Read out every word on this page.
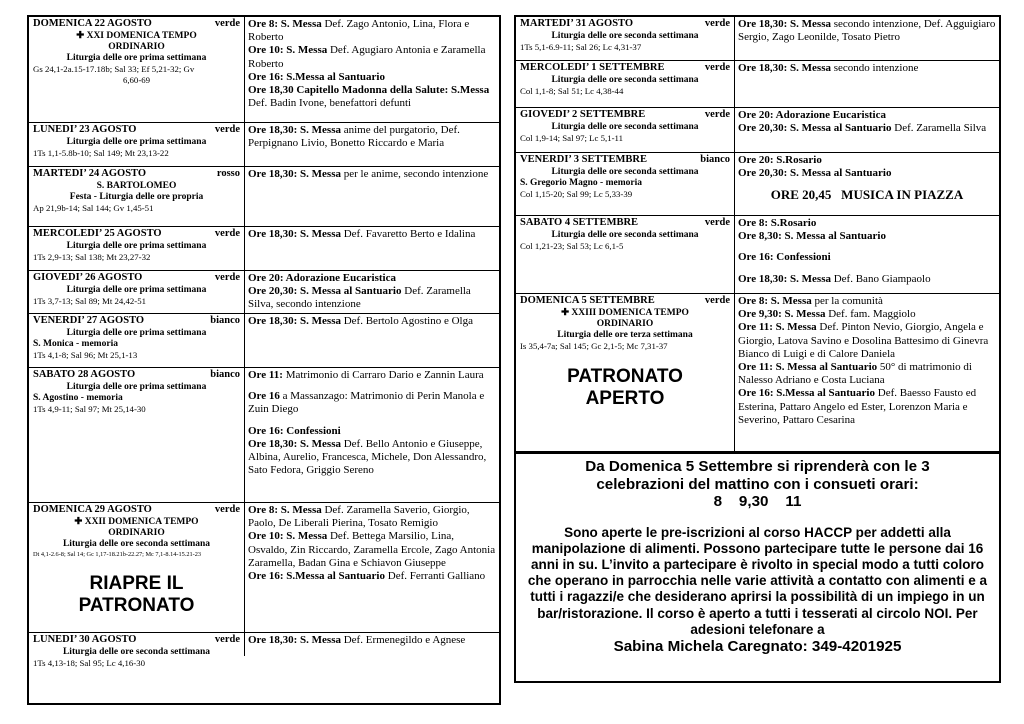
DOMENICA 22 AGOSTO	verde
✚ XXI DOMENICA TEMPO
ORDINARIO
Liturgia delle ore prima settimana
Gs 24,1-2a.15-17.18b; Sal 33; Ef 5,21-32; Gv
6,60-69
Ore 8: S. Messa Def. Zago Antonio, Lina, Flora e Roberto
Ore 10: S. Messa Def. Agugiaro Antonia e Zaramella Roberto
Ore 16: S.Messa al Santuario
Ore 18,30 Capitello Madonna della Salute: S.Messa Def. Badin Ivone, benefattori defunti
LUNEDI’ 23 AGOSTO	verde
Liturgia delle ore prima settimana
1Ts 1,1-5.8b-10; Sal 149; Mt 23,13-22
Ore 18,30: S. Messa anime del purgatorio, Def. Perpignano Livio, Bonetto Riccardo e Maria
MARTEDI’ 24 AGOSTO	rosso
S. BARTOLOMEO
Festa - Liturgia delle ore propria
Ap 21,9b-14; Sal 144; Gv 1,45-51
Ore 18,30: S. Messa per le anime, secondo intenzione
MERCOLEDI’ 25 AGOSTO	verde
Liturgia delle ore prima settimana
1Ts 2,9-13; Sal 138; Mt 23,27-32
Ore 18,30: S. Messa Def. Favaretto Berto e Idalina
GIOVEDI’ 26 AGOSTO	verde
Liturgia delle ore prima settimana
1Ts 3,7-13; Sal 89; Mt 24,42-51
Ore 20: Adorazione Eucaristica
Ore 20,30: S. Messa al Santuario Def. Zaramella Silva, secondo intenzione
VENERDI’ 27 AGOSTO	bianco
Liturgia delle ore prima settimana
S. Monica - memoria
1Ts 4,1-8; Sal 96; Mt 25,1-13
Ore 18,30: S. Messa Def. Bertolo Agostino e Olga
SABATO 28 AGOSTO	bianco
Liturgia delle ore prima settimana
S. Agostino - memoria
1Ts 4,9-11; Sal 97; Mt 25,14-30
Ore 11: Matrimonio di Carraro Dario e Zannin Laura
Ore 16 a Massanzago: Matrimonio di Perin Manola e Zuin Diego
Ore 16: Confessioni
Ore 18,30: S. Messa Def. Bello Antonio e Giuseppe, Albina, Aurelio, Francesca, Michele, Don Alessandro, Sato Fedora, Griggio Sereno
DOMENICA 29 AGOSTO	verde
✚ XXII DOMENICA TEMPO
ORDINARIO
Liturgia delle ore seconda settimana
Dt 4,1-2.6-8; Sal 14; Gc 1,17-18.21b-22.27; Mc 7,1-8.14-15.21-23
RIAPRE IL
PATRONATO
Ore 8: S. Messa Def. Zaramella Saverio, Giorgio, Paolo, De Liberali Pierina, Tosato Remigio
Ore 10: S. Messa Def. Bettega Marsilio, Lina, Osvaldo, Zin Riccardo, Zaramella Ercole, Zago Antonia Zaramella, Badan Gina e Schiavon Giuseppe
Ore 16: S.Messa al Santuario Def. Ferranti Galliano
LUNEDI’ 30 AGOSTO	verde
Liturgia delle ore seconda settimana
1Ts 4,13-18; Sal 95; Lc 4,16-30
Ore 18,30: S. Messa Def. Ermenegildo e Agnese
MARTEDI’ 31 AGOSTO	verde
Liturgia delle ore seconda settimana
1Ts 5,1-6.9-11; Sal 26; Lc 4,31-37
Ore 18,30: S. Messa secondo intenzione, Def. Agguigiaro Sergio, Zago Leonilde, Tosato Pietro
MERCOLEDI’ 1 SETTEMBRE	verde
Liturgia delle ore seconda settimana
Col 1,1-8; Sal 51; Lc 4,38-44
Ore 18,30: S. Messa secondo intenzione
GIOVEDI’ 2 SETTEMBRE	verde
Liturgia delle ore seconda settimana
Col 1,9-14; Sal 97; Lc 5,1-11
Ore 20: Adorazione Eucaristica
Ore 20,30: S. Messa al Santuario Def. Zaramella Silva
VENERDI’ 3 SETTEMBRE	bianco
Liturgia delle ore seconda settimana
S. Gregorio Magno - memoria
Col 1,15-20; Sal 99; Lc 5,33-39
Ore 20: S.Rosario
Ore 20,30: S. Messa al Santuario
ORE 20,45   MUSICA IN PIAZZA
SABATO 4 SETTEMBRE	verde
Liturgia delle ore seconda settimana
Col 1,21-23; Sal 53; Lc 6,1-5
Ore 8: S.Rosario
Ore 8,30: S. Messa al Santuario
Ore 16: Confessioni
Ore 18,30: S. Messa Def. Bano Giampaolo
DOMENICA 5 SETTEMBRE	verde
✚ XXIII DOMENICA TEMPO
ORDINARIO
Liturgia delle ore terza settimana
Is 35,4-7a; Sal 145; Gc 2,1-5; Mc 7,31-37
PATRONATO
APERTO
Ore 8: S. Messa per la comunità
Ore 9,30: S. Messa Def. fam. Maggiolo
Ore 11: S. Messa Def. Pinton Nevio, Giorgio, Angela e Giorgio, Latova Savino e Dosolina Battesimo di Ginevra Bianco di Luigi e di Calore Daniela
Ore 11: S. Messa al Santuario 50° di matrimonio di Nalesso Adriano e Costa Luciana
Ore 16: S.Messa al Santuario Def. Baesso Fausto ed Esterina, Pattaro Angelo ed Ester, Lorenzon Maria e Severino, Pattaro Cesarina
Da Domenica 5 Settembre si riprenderà con le 3
celebrazioni del mattino con i consueti orari:
8    9,30    11
Sono aperte le pre-iscrizioni al corso HACCP per addetti alla manipolazione di alimenti. Possono partecipare tutte le persone dai 16 anni in su. L’invito a partecipare è rivolto in special modo a tutti coloro che operano in parrocchia nelle varie attività a contatto con alimenti e a tutti i ragazzi/e che desiderano aprirsi la possibilità di un impiego in un bar/ristorazione. Il corso è aperto a tutti i tesserati al circolo NOI. Per adesioni telefonare a
Sabina Michela Caregnato: 349-4201925
